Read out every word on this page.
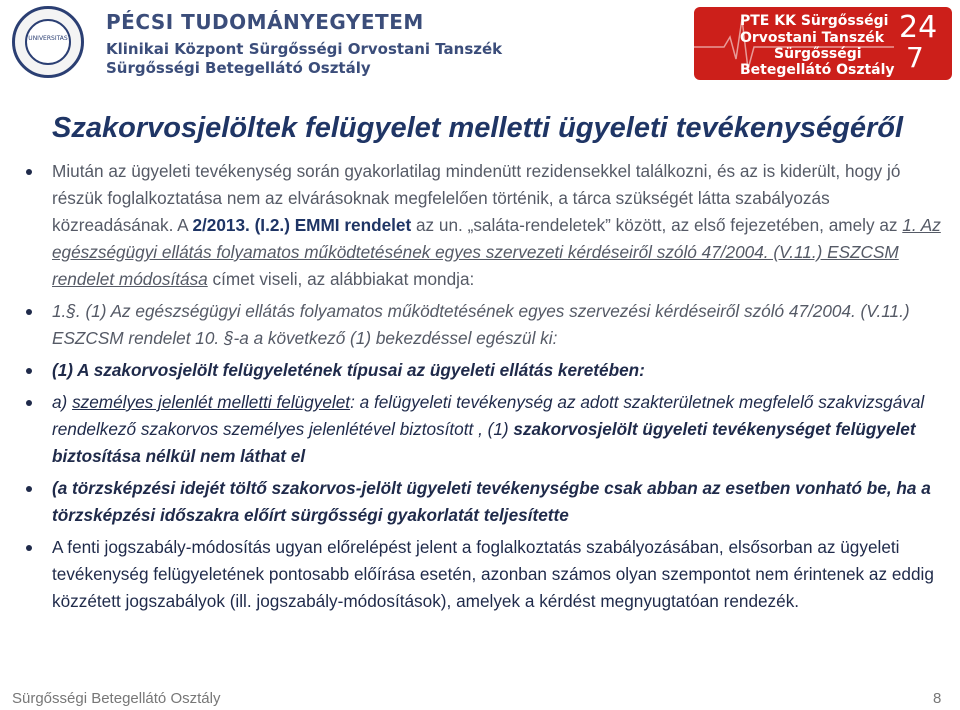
UNIVERSITAS
PÉCSI TUDOMÁNYEGYETEM
Klinikai Központ Sürgősségi Orvostani Tanszék
Sürgősségi Betegellátó Osztály
PTE KK Sürgősségi
Orvostani Tanszék
Sürgősségi
Betegellátó Osztály
24
7
Szakorvosjelöltek felügyelet melletti ügyeleti tevékenységéről
Miután az ügyeleti tevékenység során gyakorlatilag mindenütt rezidensekkel találkozni, és az is kiderült, hogy jó részük foglalkoztatása nem az elvárásoknak megfelelően történik, a tárca szükségét látta szabályozás közreadásának. A 2/2013. (I.2.) EMMI rendelet az un. „saláta-rendeletek” között, az első fejezetében, amely az 1. Az egészségügyi ellátás folyamatos működtetésének egyes szervezeti kérdéseiről szóló 47/2004. (V.11.) ESZCSM rendelet módosítása címet viseli, az alábbiakat mondja:
1.§. (1) Az egészségügyi ellátás folyamatos működtetésének egyes szervezési kérdéseiről szóló 47/2004. (V.11.) ESZCSM rendelet 10. §-a a következő (1) bekezdéssel egészül ki:
(1) A szakorvosjelölt felügyeletének típusai az ügyeleti ellátás keretében:
a) személyes jelenlét melletti felügyelet: a felügyeleti tevékenység az adott szakterületnek megfelelő szakvizsgával rendelkező szakorvos személyes jelenlétével biztosított , (1) szakorvosjelölt ügyeleti tevékenységet felügyelet biztosítása nélkül nem láthat el
(a törzsképzési idejét töltő szakorvos-jelölt ügyeleti tevékenységbe csak abban az esetben vonható be, ha a törzsképzési időszakra előírt sürgősségi gyakorlatát teljesítette
A fenti jogszabály-módosítás ugyan előrelépést jelent a foglalkoztatás szabályozásában, elsősorban az ügyeleti tevékenység felügyeletének pontosabb előírása esetén, azonban számos olyan szempontot nem érintenek az eddig közzétett jogszabályok (ill. jogszabály-módosítások), amelyek a kérdést megnyugtatóan rendezék.
Sürgősségi Betegellátó Osztály	8
